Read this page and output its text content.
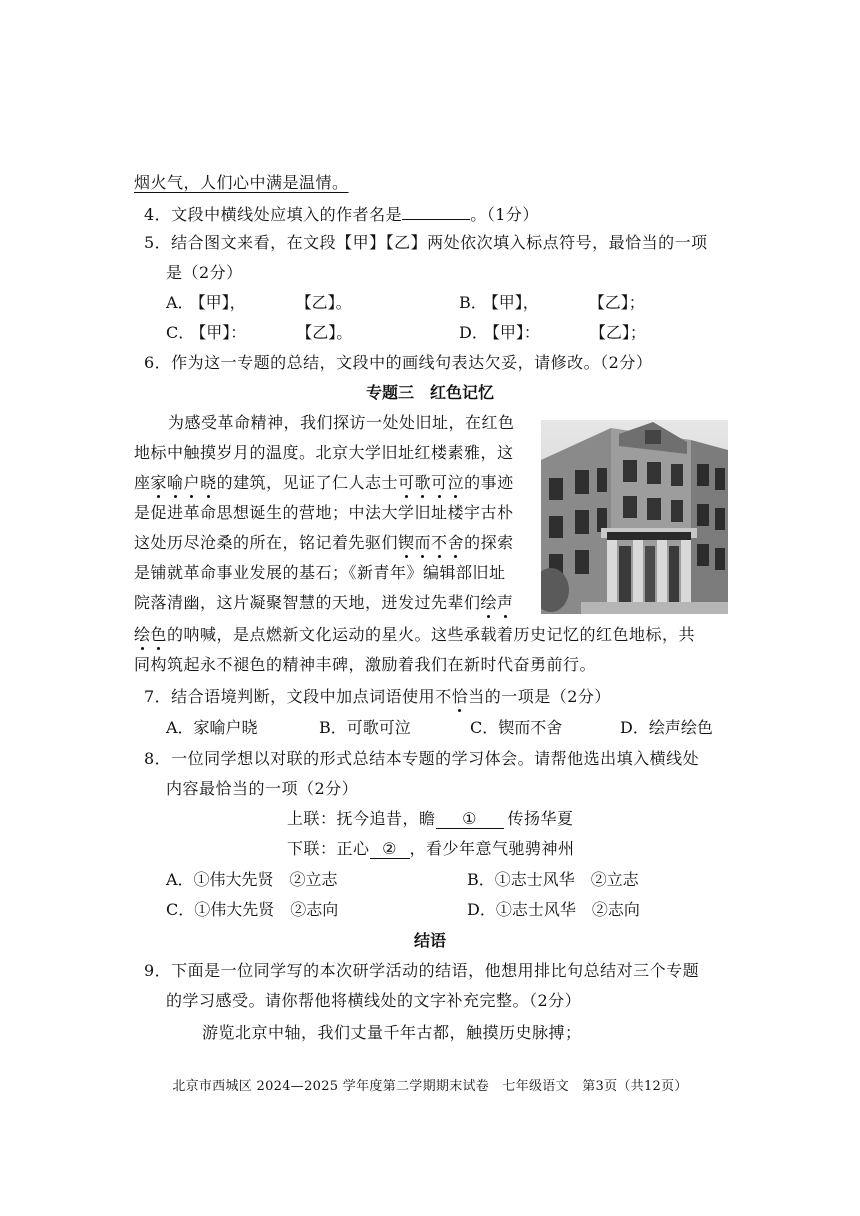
烟火气，人们心中满是温情。
4．文段中横线处应填入的作者名是	。（1分）
5．结合图文来看，在文段【甲】【乙】两处依次填入标点符号，最恰当的一项
是（2分）
A． 【甲】，	【乙】。	B． 【甲】，	【乙】；
C． 【甲】：	【乙】。	D． 【甲】：	【乙】；
6．作为这一专题的总结，文段中的画线句表达欠妥，请修改。（2分）
专题三　红色记忆
为感受革命精神，我们探访一处处旧址，在红色
地标中触摸岁月的温度。北京大学旧址红楼素雅，这
座家喻户晓的建筑，见证了仁人志士可歌可泣的事迹
是促进革命思想诞生的营地；中法大学旧址楼宇古朴
这处历尽沧桑的所在，铭记着先驱们锲而不舍的探索
是铺就革命事业发展的基石；《新青年》编辑部旧址
院落清幽，这片凝聚智慧的天地，迸发过先辈们绘声
绘色的呐喊，是点燃新文化运动的星火。这些承载着历史记忆的红色地标，共
同构筑起永不褪色的精神丰碑，激励着我们在新时代奋勇前行。
7．结合语境判断，文段中加点词语使用不恰当的一项是（2分）
A．家喻户晓	B．可歌可泣	C．锲而不舍	D．绘声绘色
8．一位同学想以对联的形式总结本专题的学习体会。请帮他选出填入横线处
内容最恰当的一项（2分）
上联：抚今追昔，瞻 ① 传扬华夏
下联：正心 ② ，看少年意气驰骋神州
A．①伟大先贤　②立志	B．①志士风华　②立志
C．①伟大先贤　②志向	D．①志士风华　②志向
结语
9．下面是一位同学写的本次研学活动的结语，他想用排比句总结对三个专题
的学习感受。请你帮他将横线处的文字补充完整。（2分）
游览北京中轴，我们丈量千年古都，触摸历史脉搏；
北京市西城区 2024—2025 学年度第二学期期末试卷　七年级语文　第3页（共12页）
